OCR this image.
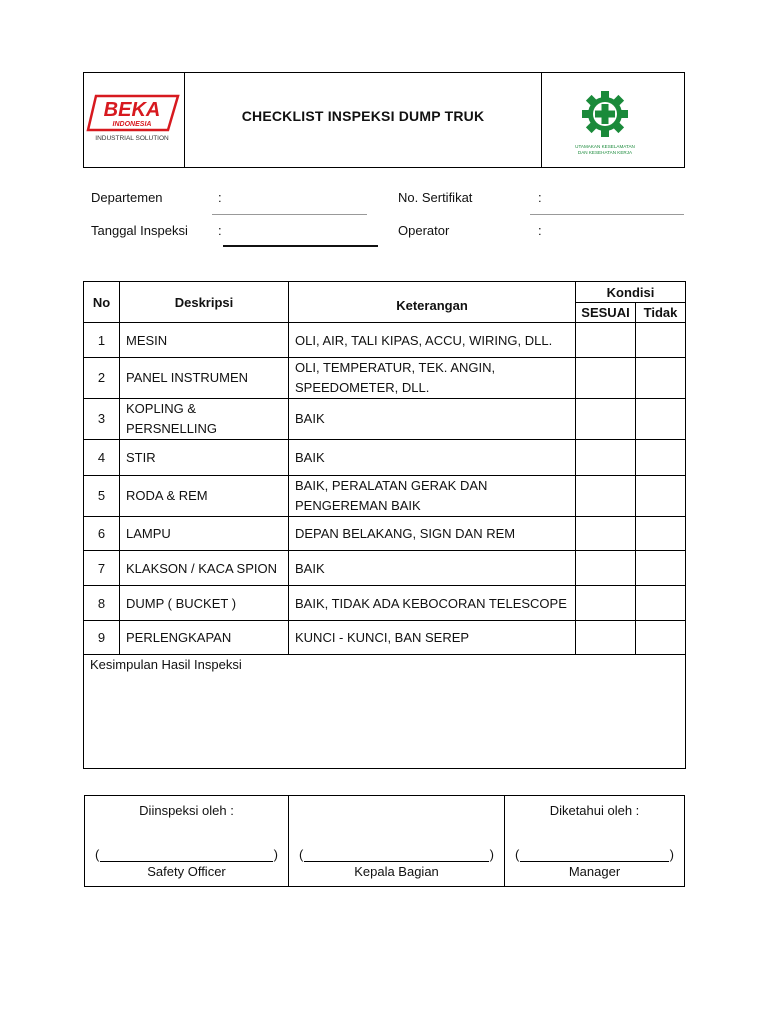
BEKA
INDONESIA
INDUSTRIAL SOLUTION
CHECKLIST INSPEKSI DUMP TRUK
UTAMAKAN KESELAMATAN
DAN KESEHATAN KERJA
Departemen	:	No. Sertifikat	:
Tanggal Inspeksi :	Operator	:
No	Deskripsi	Keterangan	Kondisi	
			SESUAI	Tidak
1	MESIN	OLI, AIR, TALI KIPAS, ACCU, WIRING, DLL.		
2	PANEL INSTRUMEN	OLI, TEMPERATUR, TEK. ANGIN, SPEEDOMETER, DLL.		
3	KOPLING & PERSNELLING	BAIK		
4	STIR	BAIK		
5	RODA & REM	BAIK, PERALATAN GERAK DAN PENGEREMAN BAIK		
6	LAMPU	DEPAN BELAKANG, SIGN DAN REM		
7	KLAKSON / KACA SPION	BAIK		
8	DUMP ( BUCKET )	BAIK, TIDAK ADA KEBOCORAN TELESCOPE		
9	PERLENGKAPAN	KUNCI - KUNCI, BAN SEREP		
Kesimpulan Hasil Inspeksi				
Diinspeksi oleh :
(	)
Safety Officer

(	)
Kepala Bagian

Diketahui oleh :
(	)
Manager
